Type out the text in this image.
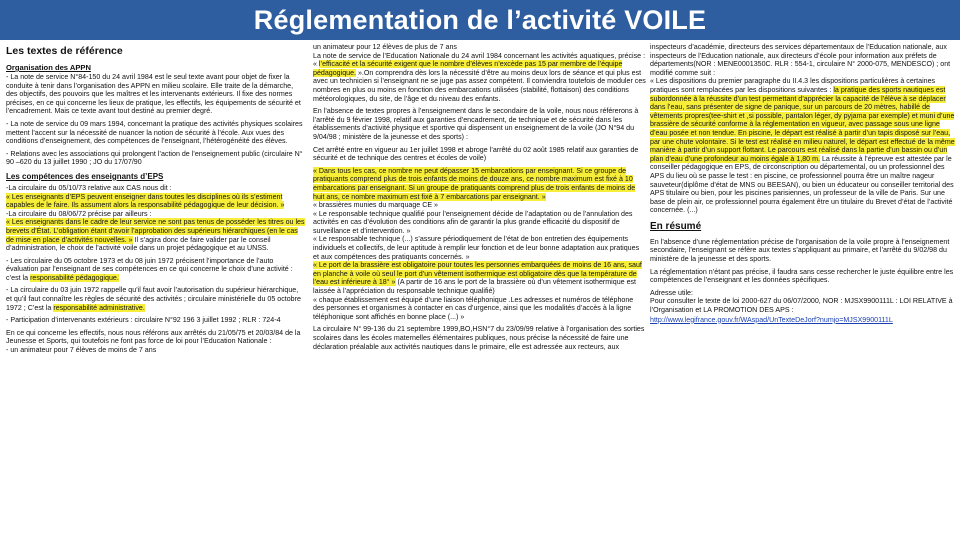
Réglementation de l’activité VOILE
Les textes de référence
Organisation des APPN

- La note de service N°84-150 du 24 avril 1984 est le seul texte avant pour objet de fixer la conduite à tenir dans l’organisation des APPN en milieu scolaire. Elle traite de la démarche, des objectifs, des pouvoirs que les maîtres et les intervenants extérieurs. Il fixe des normes précises, en ce qui concerne les lieux de pratique, les effectifs, les équipements de sécurité et l’encadrement. Mais ce texte avant tout destiné au premier degré.

- La note de service du 09 mars 1994, concernant la pratique des activités physiques scolaires mettent l’accent sur la nécessité de nuancer la notion de sécurité à l’école. Aux vues des conditions d’enseignement, des compétences de l’enseignant, l’hétérogénéité des élèves.

- Relations avec les associations qui prolongent l’action de l’enseignement public (circulaire N° 90 –620 du 13 juillet 1990 ; JO du 17/07/90

Les compétences des enseignants d’EPS

-La circulaire du 05/10/73 relative aux CAS nous dit :

« Les enseignants d’EPS peuvent enseigner dans toutes les disciplines où ils s’estiment capables de le faire. Ils assument alors la responsabilité pédagogique de leur décision. »

-La circulaire du 08/06/72 précise par ailleurs :

« Les enseignants dans le cadre de leur service ne sont pas tenus de posséder les titres ou les brevets d’État. L’obligation étant d’avoir l’approbation des supérieurs hiérarchiques (en le cas de mise en place d’activités nouvelles. » Il s’agira donc de faire valider par le conseil d’administration, le choix de l’activité voile dans un projet pédagogique et au UNSS.

- Les circulaire du 05 octobre 1973 et du 08 juin 1972 précisent l’importance de l’auto évaluation par l’enseignant de ses compétences en ce qui concerne le choix d’une activité : c’est la responsabilité pédagogique.

- La circulaire du 03 juin 1972 rappelle qu’il faut avoir l’autorisation du supérieur hiérarchique, et qu’il faut connaître les règles de sécurité des activités ; circulaire ministérielle du 05 octobre 1972 ; C’est la responsabilité administrative.

- Participation d’intervenants extérieurs : circulaire N°92 196 3 juillet 1992 ; RLR : 724-4

En ce qui concerne les effectifs, nous nous référons aux arrêtés du 21/05/75 et 20/03/84 de la Jeunesse et Sports, qui toutefois ne font pas force de loi pour l’Education Nationale :

- un animateur pour 7 élèves de moins de 7 ans

un animateur pour 12 élèves de plus de 7 ans

La note de service de l’Education Nationale du 24 avril 1984 concernant les activités aquatiques, précise :

« l’efficacité et la sécurité exigent que le nombre d’élèves n’excède pas 15 par membre de l’équipe pédagogique. ».On comprendra dès lors la nécessité d’être au moins deux lors de séance et qui plus est avec un technicien si l’enseignant ne se juge pas assez compétent. Il conviendra toutefois de moduler ces nombres en plus ou moins en fonction des embarcations utilisées (stabilité, flottaison) des conditions météorologiques, du site, de l’âge et du niveau des enfants.

En l’absence de textes propres à l’enseignement dans le secondaire de la voile, nous nous référerons à l’arrêté du 9 février 1998, relatif aux garanties d’encadrement, de technique et de sécurité dans les établissements d’activité physique et sportive qui dispensent un enseignement de la voile (JO N°94 du 9/04/98 ; ministère de la jeunesse et des sports) :

Cet arrêté entre en vigueur au 1er juillet 1998 et abroge l’arrêté du 02 août 1985 relatif aux garanties de sécurité et de technique des centres et écoles de voile)

« Dans tous les cas, ce nombre ne peut dépasser 15 embarcations par enseignant. Si ce groupe de pratiquants comprend plus de trois enfants de moins de douze ans, ce nombre maximum est fixé à 10 embarcations par enseignant. Si un groupe de pratiquants comprend plus de trois enfants de moins de huit ans, ce nombre maximum est fixé à 7 embarcations par enseignant. »

« brassières munies du marquage CE »

« Le responsable technique qualifié pour l’enseignement décide de l’adaptation ou de l’annulation des activités en cas d’évolution des conditions afin de garantir la plus grande efficacité du dispositif de surveillance et d’intervention. »

« Le responsable technique (...) s’assure périodiquement de l’état de bon entretien des équipements individuels et collectifs, de leur aptitude à remplir leur fonction et de leur bonne adaptation aux pratiques et aux compétences des pratiquants concernés. »

« Le port de la brassière est obligatoire pour toutes les personnes embarquées de moins de 16 ans, sauf en planche à voile où seul le port d’un vêtement isothermique est obligatoire dès que la température de l’eau est inférieure à 18° » (A partir de 16 ans le port de la brassière où d’un vêtement isothermique est laissée à l’appréciation du responsable technique qualifié)

« chaque établissement est équipé d’une liaison téléphonique .Les adresses et numéros de téléphone des personnes et organismes à contacter en cas d’urgence, ainsi que les modalités d’accès à la ligne téléphonique sont affichés en bonne place (...) »

La circulaire N° 99-136 du 21 septembre 1999,BO,HSN°7 du 23/09/99 relative à l’organisation des sorties scolaires dans les écoles maternelles élémentaires publiques, nous précise la nécessité de faire une déclaration préalable aux activités nautiques dans le primaire, elle est adressée aux recteurs, aux

inspecteurs d’académie, directeurs des services départementaux de l’Education nationale, aux inspecteurs de l’Education nationale, aux directeurs d’école pour information aux préfets de départements(NOR : MENE0001350C. RLR : 554-1, circulaire N° 2000-075, MENDESCO) ; ont modifié comme suit :

« Les dispositions du premier paragraphe du II.4.3 les dispositions particulières à certaines pratiques sont remplacées par les dispositions suivantes : la pratique des sports nautiques est subordonnée à la réussite d’un test permettant d’apprécier la capacité de l’élève à se déplacer dans l’eau, sans présenter de signe de panique, sur un parcours de 20 mètres, habillé de vêtements propres(tee-shirt et ,si possible, pantalon léger, dy pyjama par exemple) et muni d’une brassière de sécurité conforme à la réglementation en vigueur, avec passage sous une ligne d’eau posée et non tendue. En piscine, le départ est réalisé à partir d’un tapis disposé sur l’eau, par une chute volontaire. Si le test est réalisé en milieu naturel, le départ est effectué de la même manière à partir d’un support flottant. Le parcours est réalisé dans la partie d’un bassin ou d’un plan d’eau d’une profondeur au moins égale à 1,80 m. La réussite à l’épreuve est attestée par le conseiller pédagogique en EPS, de circonscription ou départemental, ou un professionnel des APS du lieu où se passe le test : en piscine, ce professionnel pourra être un maître nageur sauveteur(diplôme d’état de MNS ou BEESAN), ou bien un éducateur ou conseiller territorial des APS titulaire ou bien, pour les piscines parisiennes, un professeur de la ville de Paris. Sur une base de plein air, ce professionnel pourra également être un titulaire du Brevet d’état de l’activité concernée. (...)

En résumé

En l’absence d’une réglementation précise de l’organisation de la voile propre à l’enseignement secondaire, l’enseignant se réfère aux textes s’appliquant au primaire, et l’arrêté du 9/02/98 du ministère de la jeunesse et des sports.

La réglementation n’étant pas précise, il faudra sans cesse rechercher le juste équilibre entre les compétences de l’enseignant et les données spécifiques.

Adresse utile:

Pour consulter le texte de loi 2000-627 du 06/07/2000, NOR : MJSX9900111L : LOI RELATIVE à l’Organisation et LA PROMOTION DES APS :

http://www.legifrance.gouv.fr/WAspad/UnTexteDeJorf?numjo=MJSX9900111L
